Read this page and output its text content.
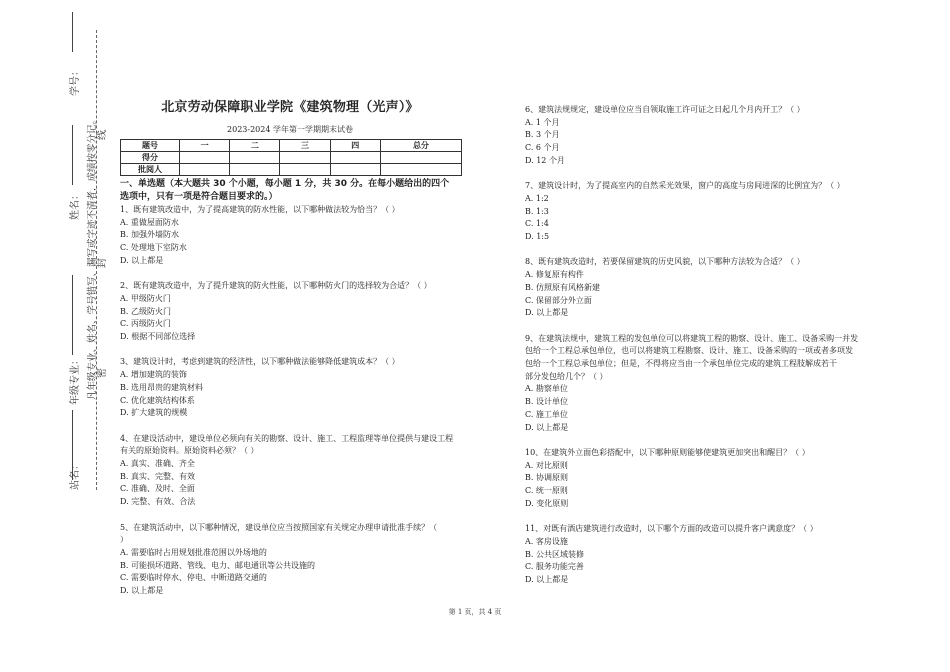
学号：
姓名：
年级专业：
站名：
凡年级专业、姓名、学号错写、漏写或字迹不清者，成绩按零分记。 密
封
线
北京劳动保障职业学院《建筑物理（光声）》
2023-2024 学年第一学期期末试卷
题号	一	二	三	四	总分
得分					
批阅人					
一、单选题（本大题共 30 个小题，每小题 1 分，共 30 分。在每小题给出的四个
选项中，只有一项是符合题目要求的。）
1、既有建筑改造中，为了提高建筑的防水性能，以下哪种做法较为恰当？（ ）
A. 重做屋面防水
B. 加强外墙防水
C. 处理地下室防水
D. 以上都是
2、既有建筑改造中，为了提升建筑的防火性能，以下哪种防火门的选择较为合适？（ ）
A. 甲级防火门
B. 乙级防火门
C. 丙级防火门
D. 根据不同部位选择
3、建筑设计时，考虑到建筑的经济性，以下哪种做法能够降低建筑成本？（ ）
A. 增加建筑的装饰
B. 选用昂贵的建筑材料
C. 优化建筑结构体系
D. 扩大建筑的规模
4、在建设活动中，建设单位必须向有关的勘察、设计、施工、工程监理等单位提供与建设工程
有关的原始资料。原始资料必须？（ ）
A. 真实、准确、齐全
B. 真实、完整、有效
C. 准确、及时、全面
D. 完整、有效、合法
5、在建筑活动中，以下哪种情况，建设单位应当按照国家有关规定办理申请批准手续？（
）
A. 需要临时占用规划批准范围以外场地的
B. 可能损坏道路、管线、电力、邮电通讯等公共设施的
C. 需要临时停水、停电、中断道路交通的
D. 以上都是
6、建筑法规规定，建设单位应当自领取施工许可证之日起几个月内开工？（ ）
A. 1 个月
B. 3 个月
C. 6 个月
D. 12 个月
7、建筑设计时，为了提高室内的自然采光效果，窗户的高度与房间进深的比例宜为？（ ）
A. 1:2
B. 1:3
C. 1:4
D. 1:5
8、既有建筑改造时，若要保留建筑的历史风貌，以下哪种方法较为合适？（ ）
A. 修复原有构件
B. 仿照原有风格新建
C. 保留部分外立面
D. 以上都是
9、在建筑法规中，建筑工程的发包单位可以将建筑工程的勘察、设计、施工、设备采购一并发
包给一个工程总承包单位，也可以将建筑工程勘察、设计、施工、设备采购的一项或者多项发
包给一个工程总承包单位；但是，不得将应当由一个承包单位完成的建筑工程肢解成若干
部分发包给几个？（ ）
A. 勘察单位
B. 设计单位
C. 施工单位
D. 以上都是
10、在建筑外立面色彩搭配中，以下哪种原则能够使建筑更加突出和醒目？（ ）
A. 对比原则
B. 协调原则
C. 统一原则
D. 变化原则
11、对既有酒店建筑进行改造时，以下哪个方面的改造可以提升客户满意度？（ ）
A. 客房设施
B. 公共区域装修
C. 服务功能完善
D. 以上都是
第 1 页，共 4 页
